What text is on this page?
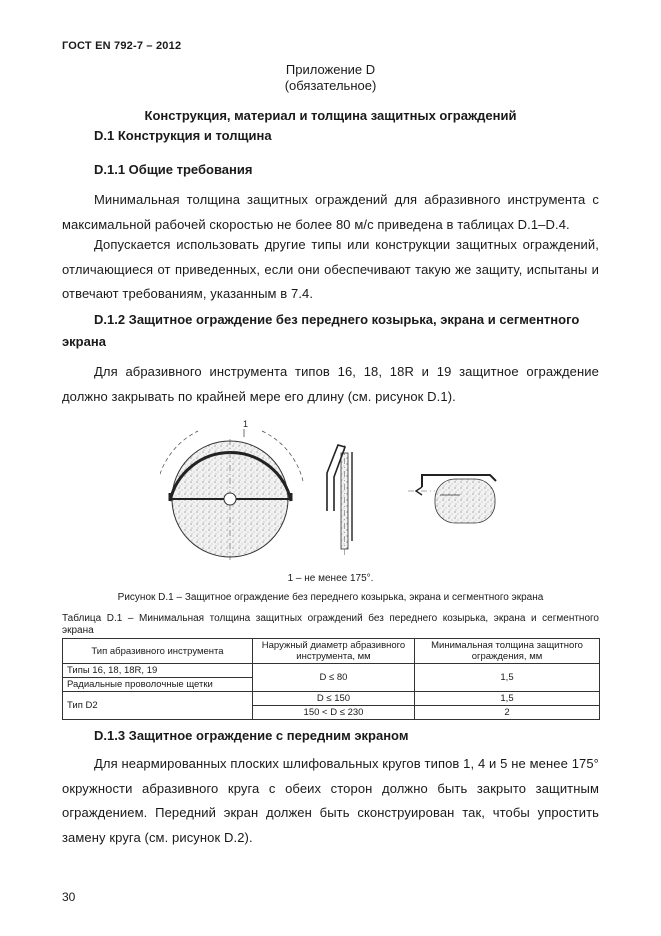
ГОСТ EN 792-7 – 2012
Приложение D
(обязательное)
Конструкция, материал и толщина защитных ограждений
D.1 Конструкция и толщина
D.1.1 Общие требования
Минимальная толщина защитных ограждений для абразивного инструмента с максимальной рабочей скоростью не более 80 м/с приведена в таблицах D.1–D.4.
Допускается использовать другие типы или конструкции защитных ограждений, отличающиеся от приведенных, если они обеспечивают такую же защиту, испытаны и отвечают требованиям, указанным в 7.4.
D.1.2 Защитное ограждение без переднего козырька, экрана и сегментного
экрана
Для абразивного инструмента типов 16, 18, 18R и 19 защитное ограждение должно закрывать по крайней мере его длину (см. рисунок D.1).
1
1 – не менее 175°.
Рисунок D.1 – Защитное ограждение без переднего козырька, экрана и сегментного экрана
Таблица D.1 – Минимальная толщина защитных ограждений без переднего козырька, экрана и сегментного экрана
Тип абразивного инструмента	Наружный диаметр абразивного инструмента, мм	Минимальная толщина защитного ограждения, мм
Типы 16, 18, 18R, 19	D ≤ 80	1,5
Радиальные проволочные щетки		
Тип D2	D ≤ 150	1,5
	150 < D ≤ 230	2
D.1.3 Защитное ограждение с передним экраном
Для неармированных плоских шлифовальных кругов типов 1, 4 и 5 не менее 175° окружности абразивного круга с обеих сторон должно быть закрыто защитным ограждением. Передний экран должен быть сконструирован так, чтобы упростить замену круга (см. рисунок D.2).
30
